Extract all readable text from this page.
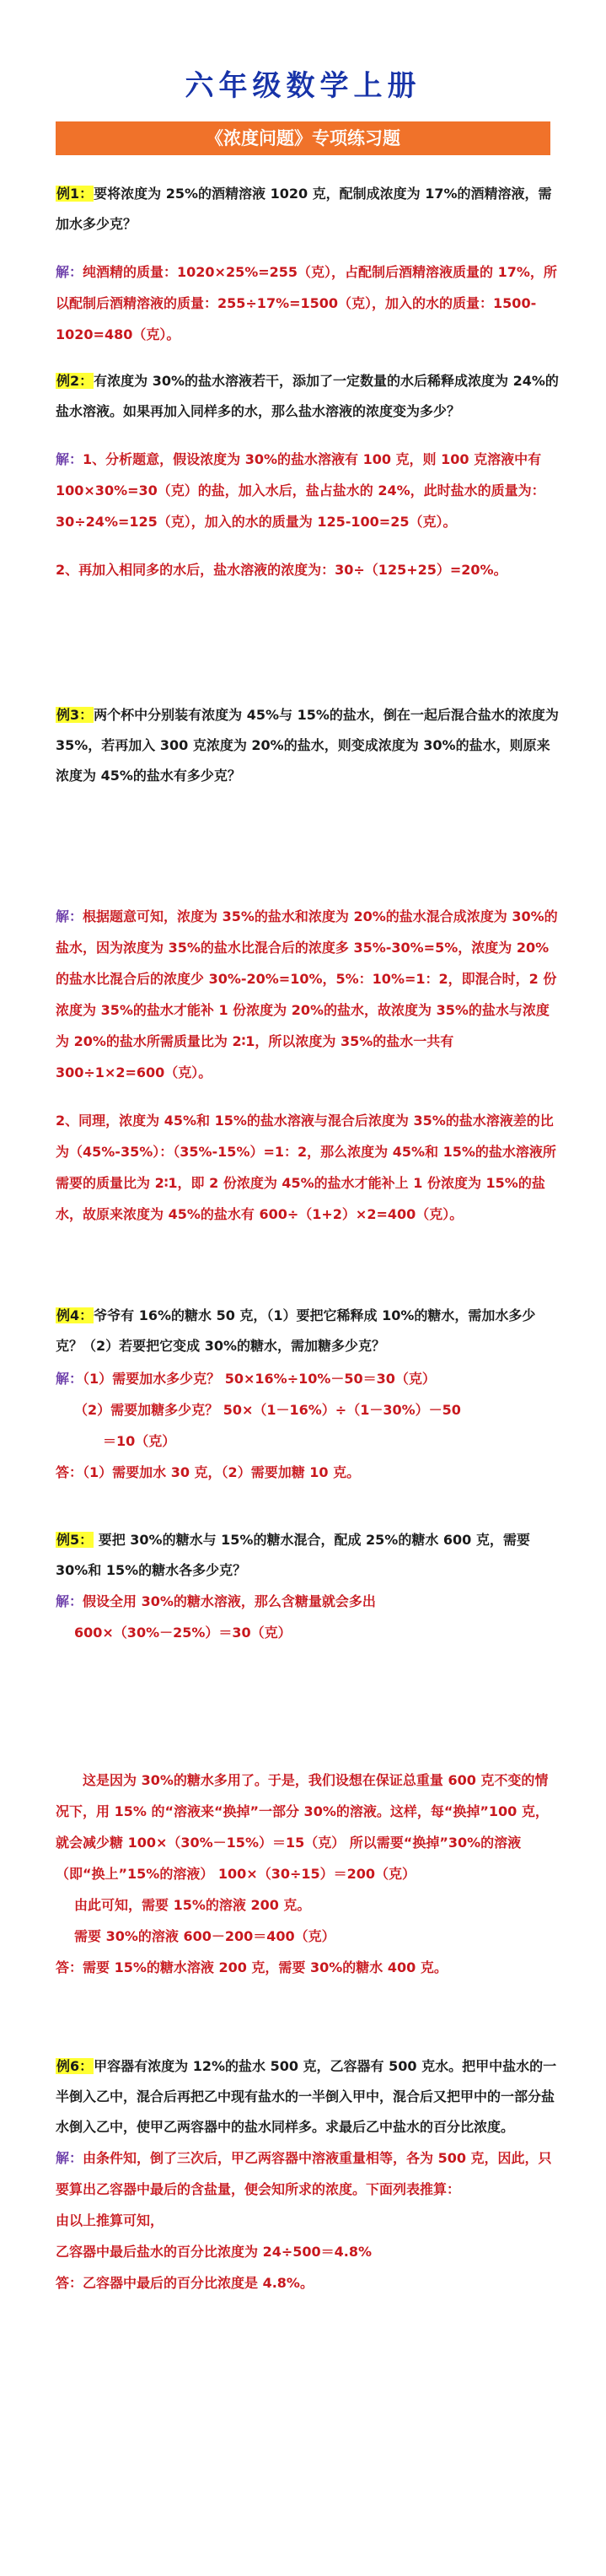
六年级数学上册
《浓度问题》专项练习题

例1：要将浓度为 25%的酒精溶液 1020 克，配制成浓度为 17%的酒精溶液，需加水多少克？

解：纯酒精的质量：1020×25%=255（克），占配制后酒精溶液质量的 17%，所以配制后酒精溶液的质量：255÷17%=1500（克），加入的水的质量：1500-1020=480（克）。

例2：有浓度为 30%的盐水溶液若干，添加了一定数量的水后稀释成浓度为 24%的盐水溶液。如果再加入同样多的水，那么盐水溶液的浓度变为多少？

解：1、分析题意，假设浓度为 30%的盐水溶液有 100 克，则 100 克溶液中有 100×30%=30（克）的盐，加入水后，盐占盐水的 24%，此时盐水的质量为：30÷24%=125（克），加入的水的质量为 125-100=25（克）。

2、再加入相同多的水后，盐水溶液的浓度为：30÷（125+25）=20%。

例3：两个杯中分别装有浓度为 45%与 15%的盐水，倒在一起后混合盐水的浓度为 35%，若再加入 300 克浓度为 20%的盐水，则变成浓度为 30%的盐水，则原来浓度为 45%的盐水有多少克？

解：根据题意可知，浓度为 35%的盐水和浓度为 20%的盐水混合成浓度为 30%的盐水，因为浓度为 35%的盐水比混合后的浓度多 35%-30%=5%，浓度为 20%的盐水比混合后的浓度少 30%-20%=10%，5%：10%=1：2，即混合时，2 份浓度为 35%的盐水才能补 1 份浓度为 20%的盐水，故浓度为 35%的盐水与浓度为 20%的盐水所需质量比为 2∶1，所以浓度为 35%的盐水一共有 300÷1×2=600（克）。

2、同理，浓度为 45%和 15%的盐水溶液与混合后浓度为 35%的盐水溶液差的比为（45%-35%）：（35%-15%）=1：2，那么浓度为 45%和 15%的盐水溶液所需要的质量比为 2∶1，即 2 份浓度为 45%的盐水才能补上 1 份浓度为 15%的盐水，故原来浓度为 45%的盐水有 600÷（1+2）×2=400（克）。

例4：爷爷有 16%的糖水 50 克，（1）要把它稀释成 10%的糖水，需加水多少克？（2）若要把它变成 30%的糖水，需加糖多少克？

解：（1）需要加水多少克？ 50×16%÷10%－50＝30（克）

（2）需要加糖多少克？ 50×（1－16%）÷（1－30%）－50

＝10（克）

答：（1）需要加水 30 克，（2）需要加糖 10 克。

例5： 要把 30%的糖水与 15%的糖水混合，配成 25%的糖水 600 克，需要 30%和 15%的糖水各多少克？

解：假设全用 30%的糖水溶液，那么含糖量就会多出

600×（30%－25%）＝30（克）

这是因为 30%的糖水多用了。于是，我们设想在保证总重量 600 克不变的情况下，用 15% 的“溶液来“换掉”一部分 30%的溶液。这样，每“换掉”100 克，就会减少糖 100×（30%－15%）＝15（克） 所以需要“换掉”30%的溶液（即“换上”15%的溶液） 100×（30÷15）＝200（克）

由此可知，需要 15%的溶液 200 克。

需要 30%的溶液 600－200＝400（克）

答：需要 15%的糖水溶液 200 克，需要 30%的糖水 400 克。

例6：甲容器有浓度为 12%的盐水 500 克，乙容器有 500 克水。把甲中盐水的一半倒入乙中，混合后再把乙中现有盐水的一半倒入甲中，混合后又把甲中的一部分盐水倒入乙中，使甲乙两容器中的盐水同样多。求最后乙中盐水的百分比浓度。

解：由条件知，倒了三次后，甲乙两容器中溶液重量相等，各为 500 克，因此，只要算出乙容器中最后的含盐量，便会知所求的浓度。下面列表推算：

由以上推算可知，

乙容器中最后盐水的百分比浓度为 24÷500＝4.8%

答：乙容器中最后的百分比浓度是 4.8%。
